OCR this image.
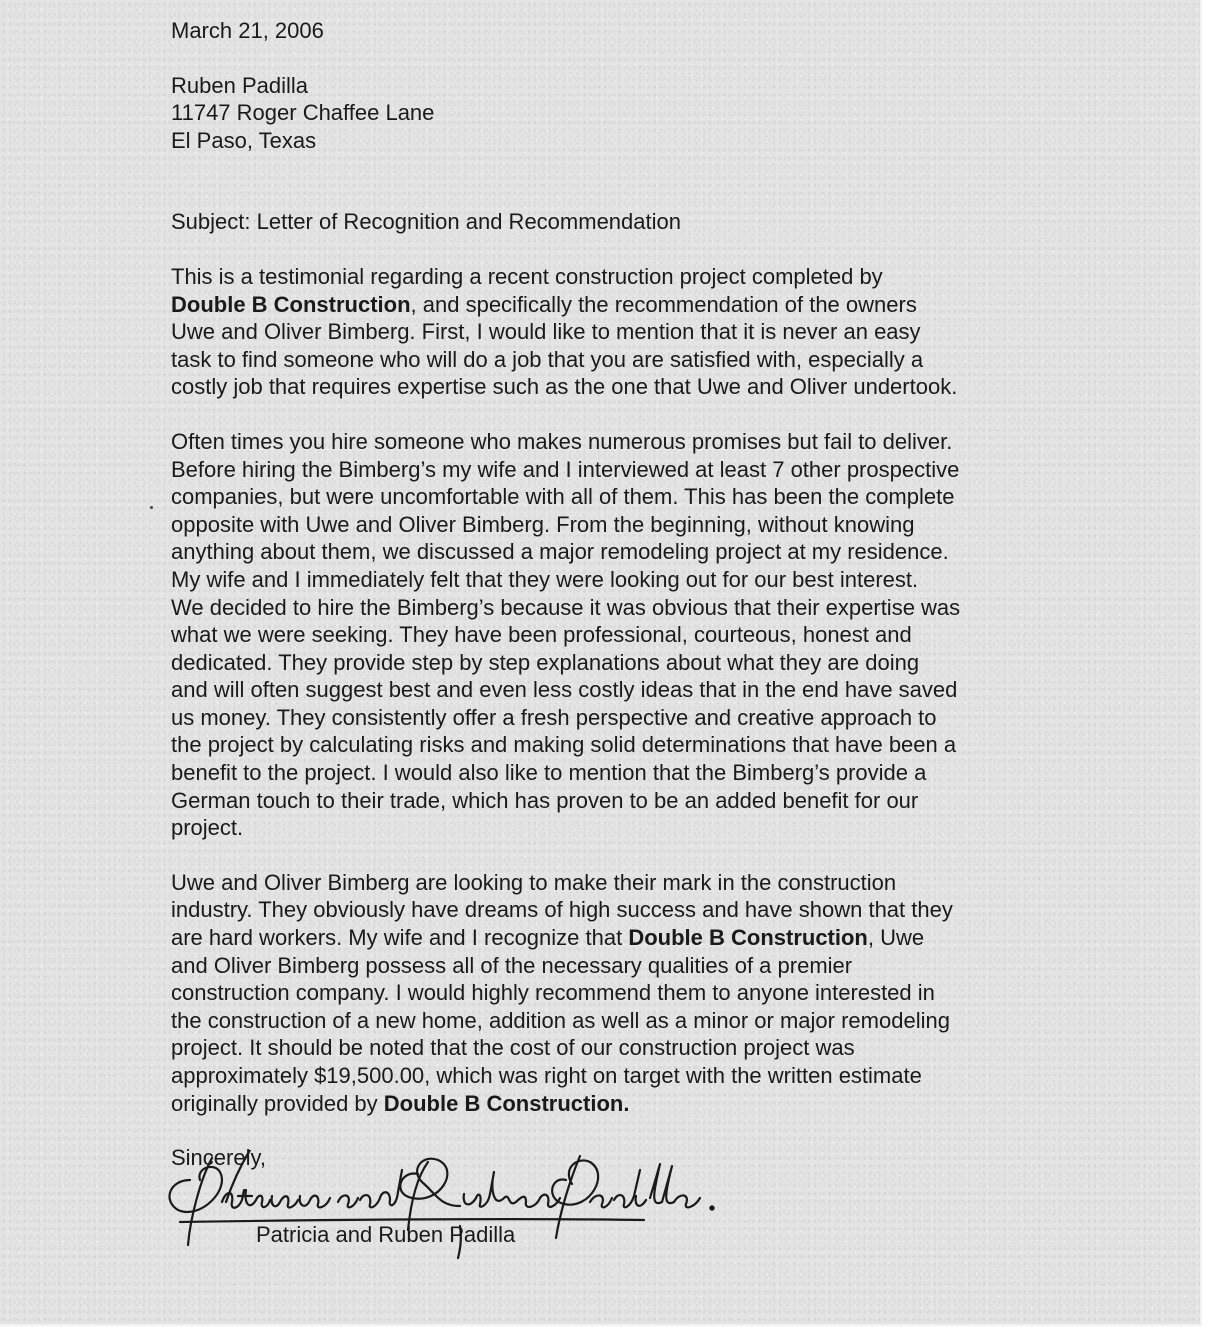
March 21, 2006
Ruben Padilla
11747 Roger Chaffee Lane
El Paso, Texas
Subject: Letter of Recognition and Recommendation
This is a testimonial regarding a recent construction project completed by
Double B Construction, and specifically the recommendation of the owners
Uwe and Oliver Bimberg. First, I would like to mention that it is never an easy
task to find someone who will do a job that you are satisfied with, especially a
costly job that requires expertise such as the one that Uwe and Oliver undertook.
Often times you hire someone who makes numerous promises but fail to deliver.
Before hiring the Bimberg’s my wife and I interviewed at least 7 other prospective
companies, but were uncomfortable with all of them. This has been the complete
opposite with Uwe and Oliver Bimberg. From the beginning, without knowing
anything about them, we discussed a major remodeling project at my residence.
My wife and I immediately felt that they were looking out for our best interest.
We decided to hire the Bimberg’s because it was obvious that their expertise was
what we were seeking. They have been professional, courteous, honest and
dedicated. They provide step by step explanations about what they are doing
and will often suggest best and even less costly ideas that in the end have saved
us money. They consistently offer a fresh perspective and creative approach to
the project by calculating risks and making solid determinations that have been a
benefit to the project. I would also like to mention that the Bimberg’s provide a
German touch to their trade, which has proven to be an added benefit for our
project.
Uwe and Oliver Bimberg are looking to make their mark in the construction
industry. They obviously have dreams of high success and have shown that they
are hard workers. My wife and I recognize that Double B Construction, Uwe
and Oliver Bimberg possess all of the necessary qualities of a premier
construction company. I would highly recommend them to anyone interested in
the construction of a new home, addition as well as a minor or major remodeling
project. It should be noted that the cost of our construction project was
approximately $19,500.00, which was right on target with the written estimate
originally provided by Double B Construction.
Sincerely,
Patricia and Ruben Padilla
